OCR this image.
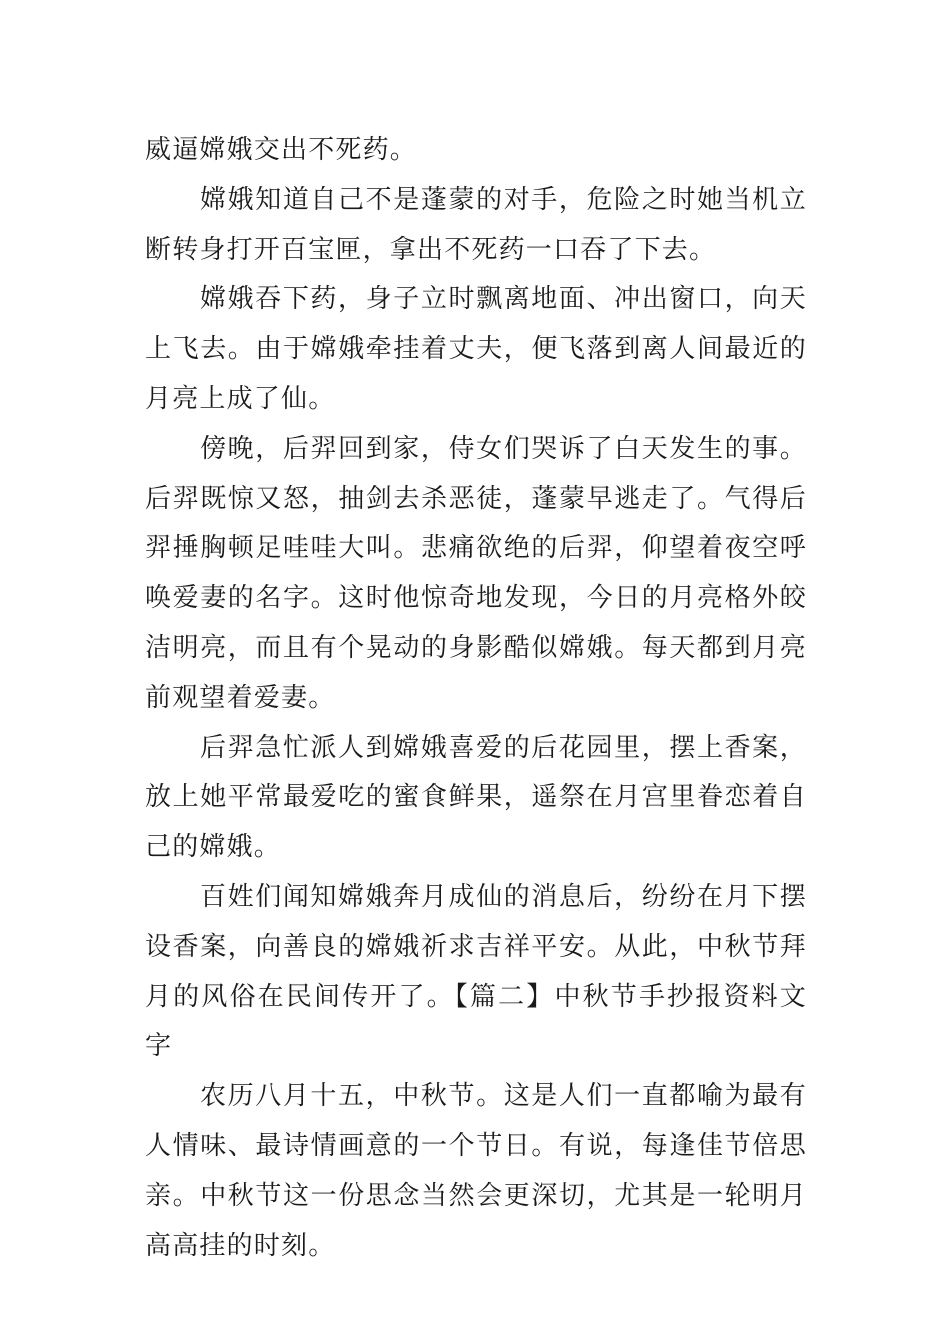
威逼嫦娥交出不死药。

嫦娥知道自己不是蓬蒙的对手，危险之时她当机立断转身打开百宝匣，拿出不死药一口吞了下去。

嫦娥吞下药，身子立时飘离地面、冲出窗口，向天上飞去。由于嫦娥牵挂着丈夫，便飞落到离人间最近的月亮上成了仙。

傍晚，后羿回到家，侍女们哭诉了白天发生的事。后羿既惊又怒，抽剑去杀恶徒，蓬蒙早逃走了。气得后羿捶胸顿足哇哇大叫。悲痛欲绝的后羿，仰望着夜空呼唤爱妻的名字。这时他惊奇地发现，今日的月亮格外皎洁明亮，而且有个晃动的身影酷似嫦娥。每天都到月亮前观望着爱妻。

后羿急忙派人到嫦娥喜爱的后花园里，摆上香案，放上她平常最爱吃的蜜食鲜果，遥祭在月宫里眷恋着自己的嫦娥。

百姓们闻知嫦娥奔月成仙的消息后，纷纷在月下摆设香案，向善良的嫦娥祈求吉祥平安。从此，中秋节拜月的风俗在民间传开了。【篇二】中秋节手抄报资料文字

农历八月十五，中秋节。这是人们一直都喻为最有人情味、最诗情画意的一个节日。有说，每逢佳节倍思亲。中秋节这一份思念当然会更深切，尤其是一轮明月高高挂的时刻。
